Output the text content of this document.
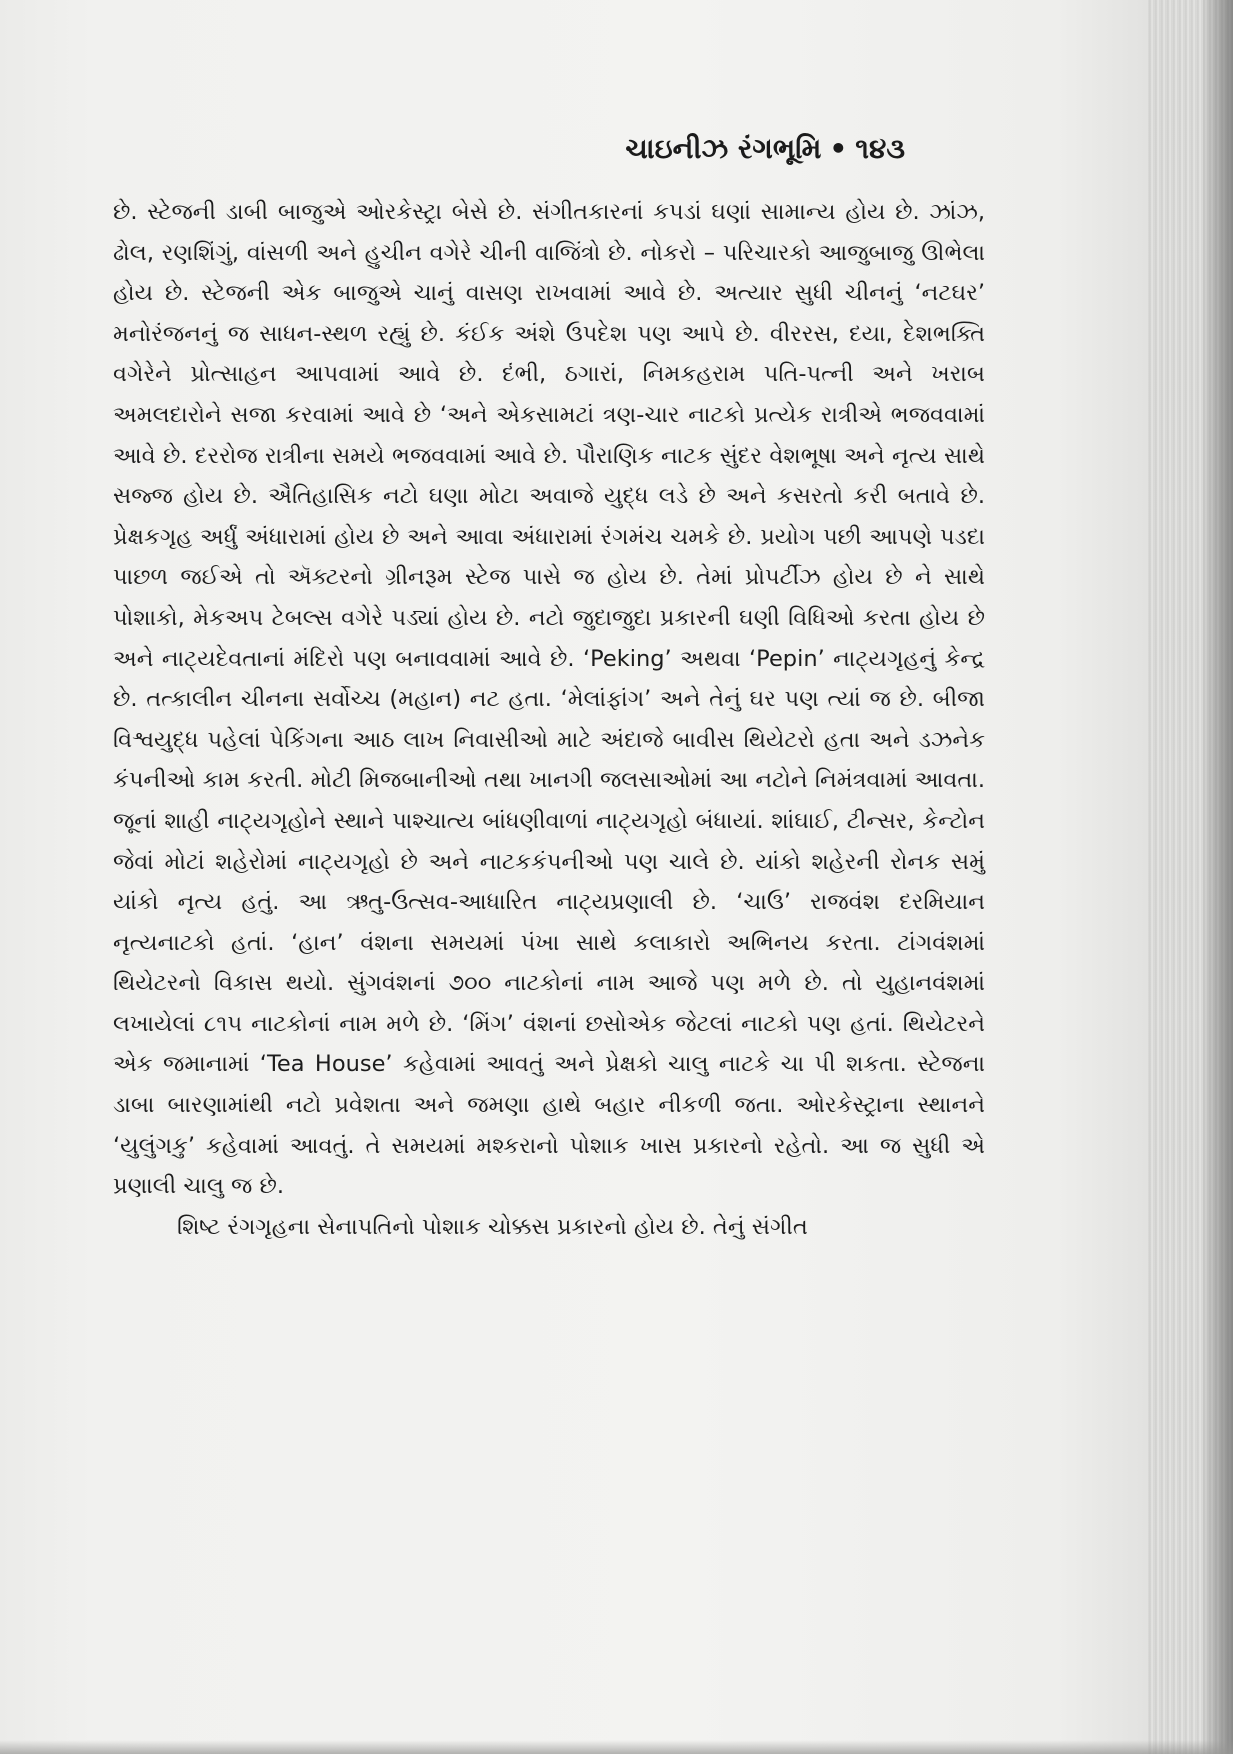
ચાઇનીઝ રંગભૂમિ • ૧૪૩

છે. સ્ટેજની ડાબી બાજુએ ઓરકેસ્ટ્રા બેસે છે. સંગીતકારનાં કપડાં ઘણાં સામાન્ય હોય છે. ઝાંઝ, ઢોલ, રણશિંગું, વાંસળી અને હુચીન વગેરે ચીની વાજિંત્રો છે. નોકરો – પરિચારકો આજુબાજુ ઊભેલા હોય છે. સ્ટેજની એક બાજુએ ચાનું વાસણ રાખવામાં આવે છે. અત્યાર સુધી ચીનનું ‘નટઘર’ મનોરંજનનું જ સાધન-સ્થળ રહ્યું છે. કંઈક અંશે ઉપદેશ પણ આપે છે. વીરરસ, દયા, દેશભક્તિ વગેરેને પ્રોત્સાહન આપવામાં આવે છે. દંભી, ઠગારાં, નિમકહરામ પતિ-પત્ની અને ખરાબ અમલદારોને સજા કરવામાં આવે છે ‘અને એકસામટાં ત્રણ-ચાર નાટકો પ્રત્યેક રાત્રીએ ભજવવામાં આવે છે. દરરોજ રાત્રીના સમયે ભજવવામાં આવે છે. પૌરાણિક નાટક સુંદર વેશભૂષા અને નૃત્ય સાથે સજ્જ હોય છે. ઐતિહાસિક નટો ઘણા મોટા અવાજે યુદ્ધ લડે છે અને કસરતો કરી બતાવે છે. પ્રેક્ષકગૃહ અર્ધું અંધારામાં હોય છે અને આવા અંધારામાં રંગમંચ ચમકે છે. પ્રયોગ પછી આપણે પડદા પાછળ જઈએ તો ઍક્ટરનો ગ્રીનરૂમ સ્ટેજ પાસે જ હોય છે. તેમાં પ્રોપર્ટીઝ હોય છે ને સાથે પોશાકો, મેકઅપ ટેબલ્સ વગેરે પડ્યાં હોય છે. નટો જુદાજુદા પ્રકારની ઘણી વિધિઓ કરતા હોય છે અને નાટ્યદેવતાનાં મંદિરો પણ બનાવવામાં આવે છે. ‘Peking’ અથવા ‘Pepin’ નાટ્યગૃહનું કેન્દ્ર છે. તત્કાલીન ચીનના સર્વોચ્ચ (મહાન) નટ હતા. ‘મેલાંફાંગ’ અને તેનું ઘર પણ ત્યાં જ છે. બીજા વિશ્વયુદ્ધ પહેલાં પેકિંગના આઠ લાખ નિવાસીઓ માટે અંદાજે બાવીસ થિયેટરો હતા અને ડઝનેક કંપનીઓ કામ કરતી. મોટી મિજબાનીઓ તથા ખાનગી જલસાઓમાં આ નટોને નિમંત્રવામાં આવતા. જૂનાં શાહી નાટ્યગૃહોને સ્થાને પાશ્ચાત્ય બાંધણીવાળાં નાટ્યગૃહો બંધાયાં. શાંઘાઈ, ટીન્સર, કેન્ટોન જેવાં મોટાં શહેરોમાં નાટ્યગૃહો છે અને નાટકકંપનીઓ પણ ચાલે છે. યાંકો શહેરની રોનક સમું યાંકો નૃત્ય હતું. આ ઋતુ-ઉત્સવ-આધારિત નાટ્યપ્રણાલી છે. ‘ચાઉ’ રાજવંશ દરમિયાન નૃત્યનાટકો હતાં. ‘હાન’ વંશના સમયમાં પંખા સાથે કલાકારો અભિનય કરતા. ટાંગવંશમાં થિયેટરનો વિકાસ થયો. સુંગવંશનાં ૭૦૦ નાટકોનાં નામ આજે પણ મળે છે. તો યુહાનવંશમાં લખાયેલાં ૮૧૫ નાટકોનાં નામ મળે છે. ‘મિંગ’ વંશનાં છસોએક જેટલાં નાટકો પણ હતાં. થિયેટરને એક જમાનામાં ‘Tea House’ કહેવામાં આવતું અને પ્રેક્ષકો ચાલુ નાટકે ચા પી શકતા. સ્ટેજના ડાબા બારણામાંથી નટો પ્રવેશતા અને જમણા હાથે બહાર નીકળી જતા. ઓરકેસ્ટ્રાના સ્થાનને ‘યુલુંગકુ’ કહેવામાં આવતું. તે સમયમાં મશ્કરાનો પોશાક ખાસ પ્રકારનો રહેતો. આ જ સુધી એ પ્રણાલી ચાલુ જ છે.

શિષ્ટ રંગગૃહના સેનાપતિનો પોશાક ચોક્કસ પ્રકારનો હોય છે. તેનું સંગીત
